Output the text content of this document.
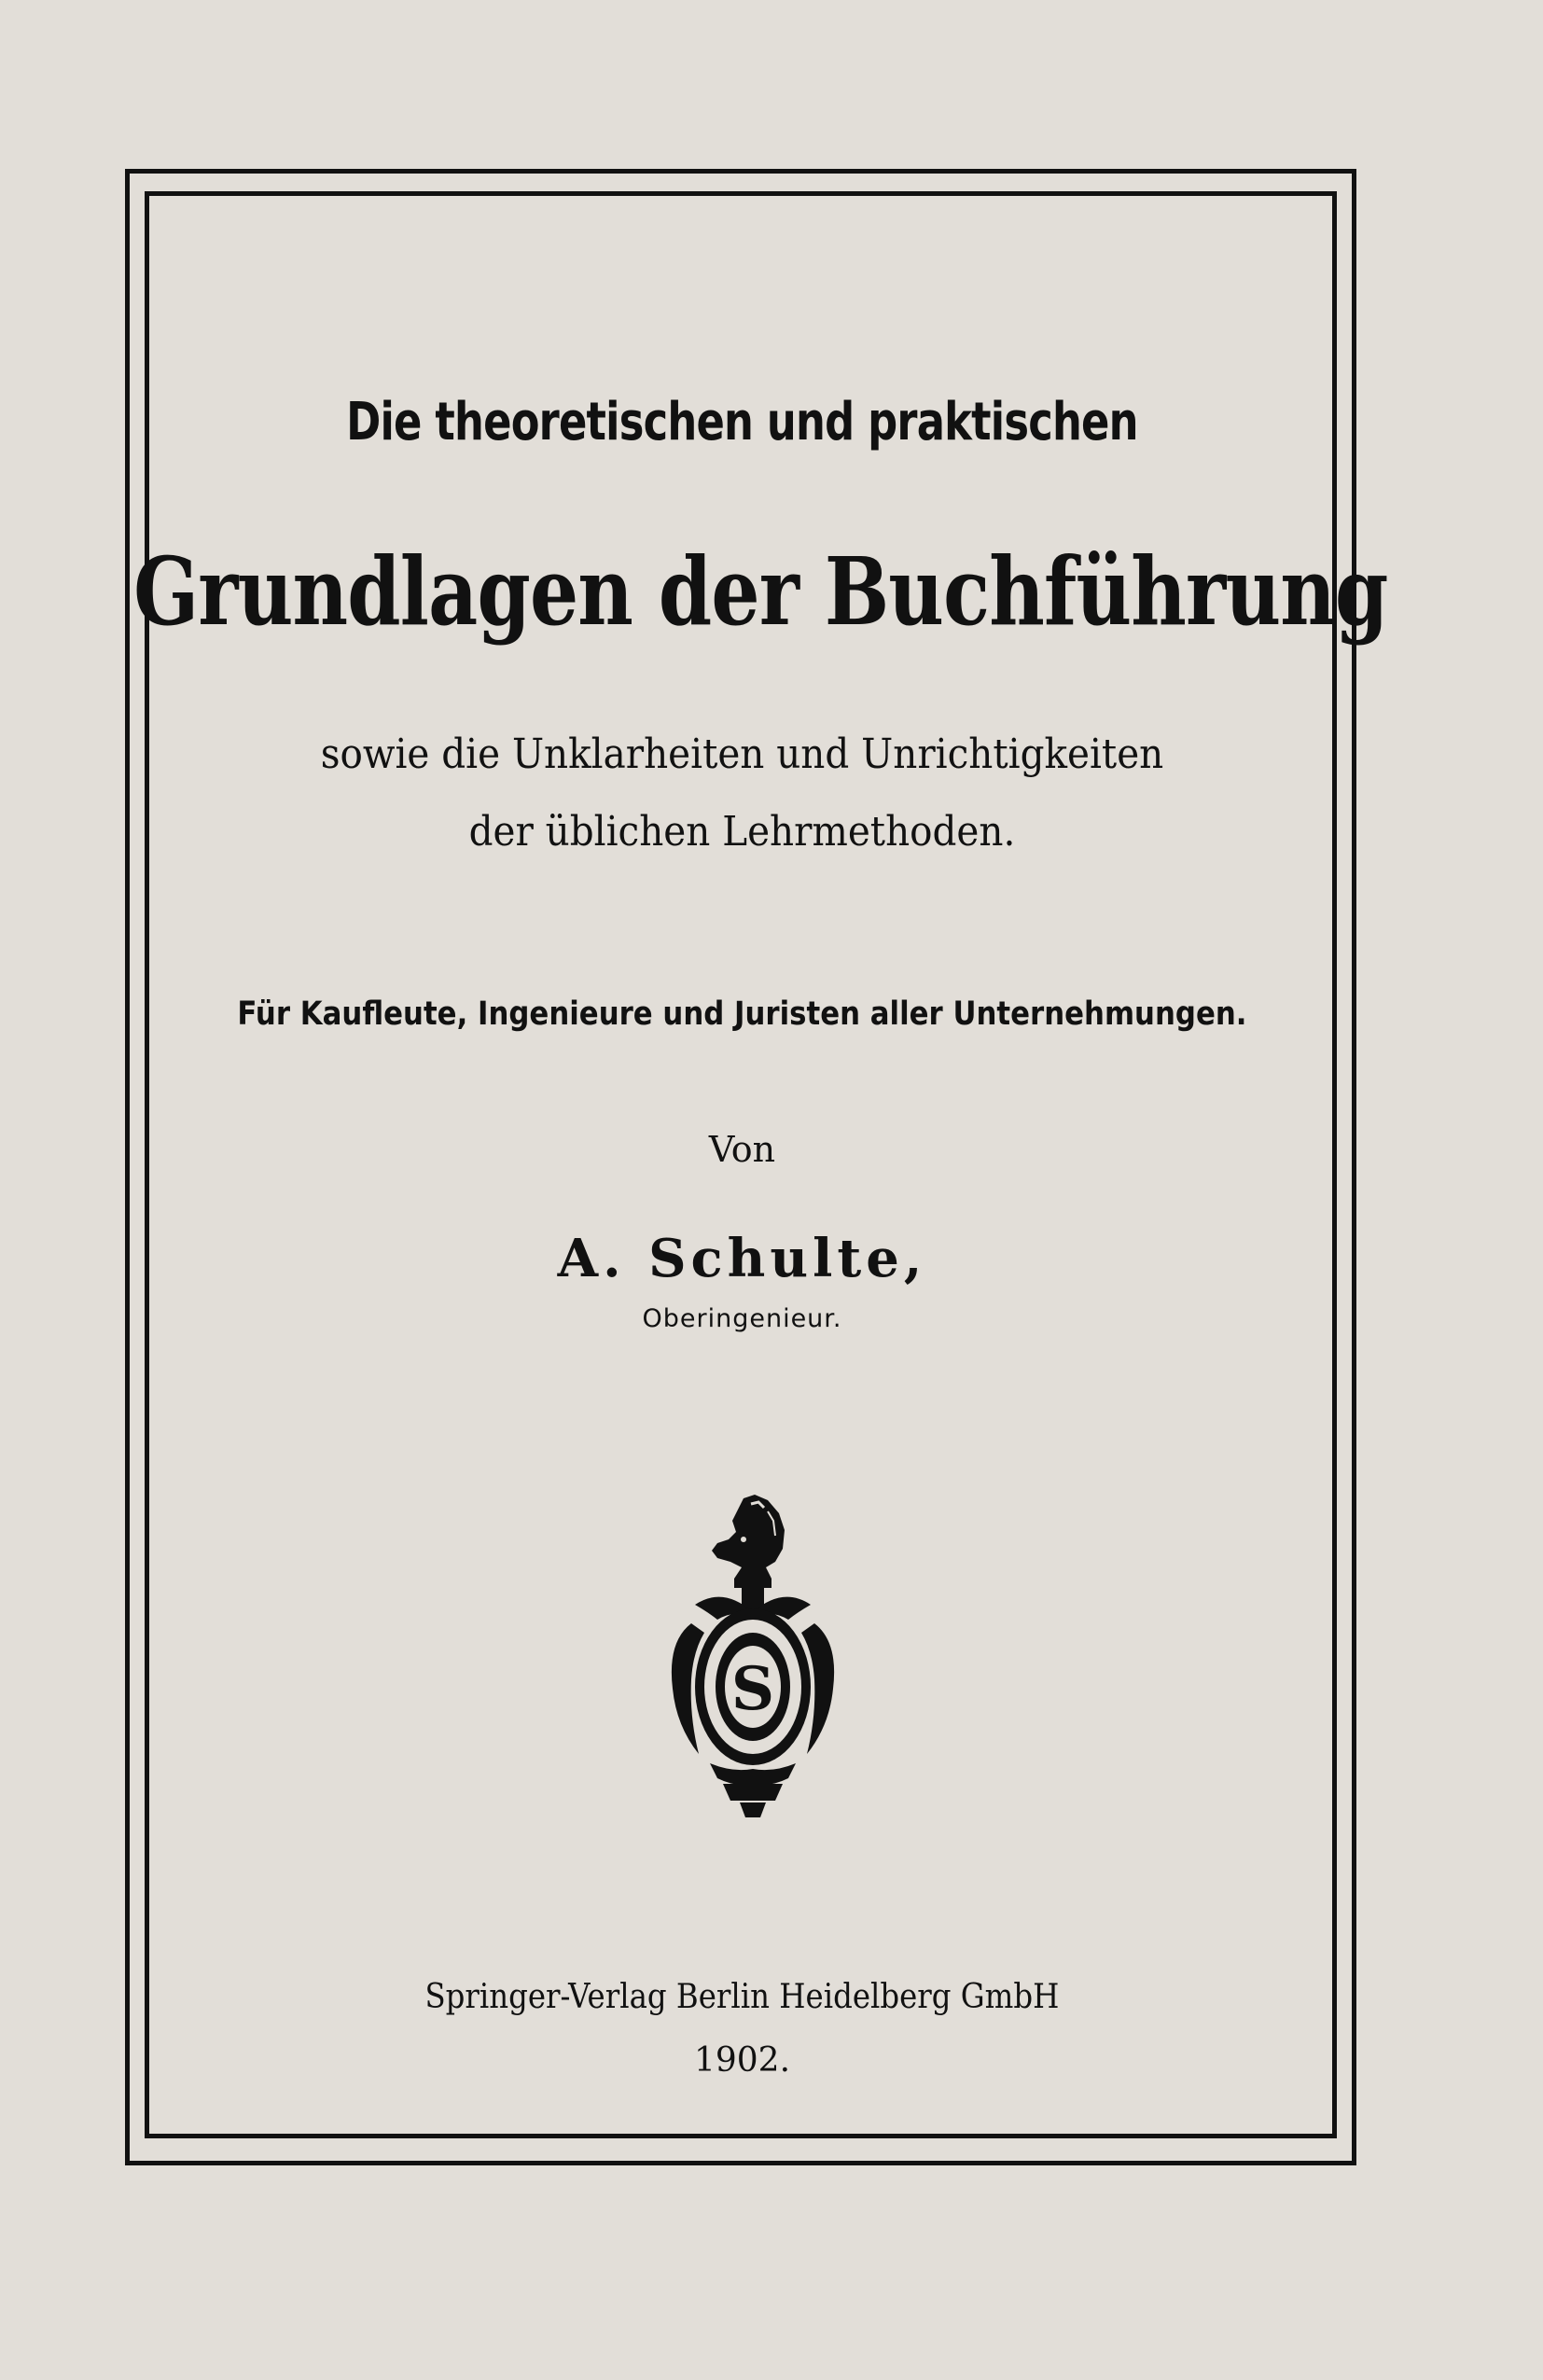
Die theoretischen und praktischen
Grundlagen der Buchführung
sowie die Unklarheiten und Unrichtigkeiten
der üblichen Lehrmethoden.
Für Kaufleute, Ingenieure und Juristen aller Unternehmungen.
Von
A. Schulte,
Oberingenieur.
S
Springer-Verlag Berlin Heidelberg GmbH
1902.
